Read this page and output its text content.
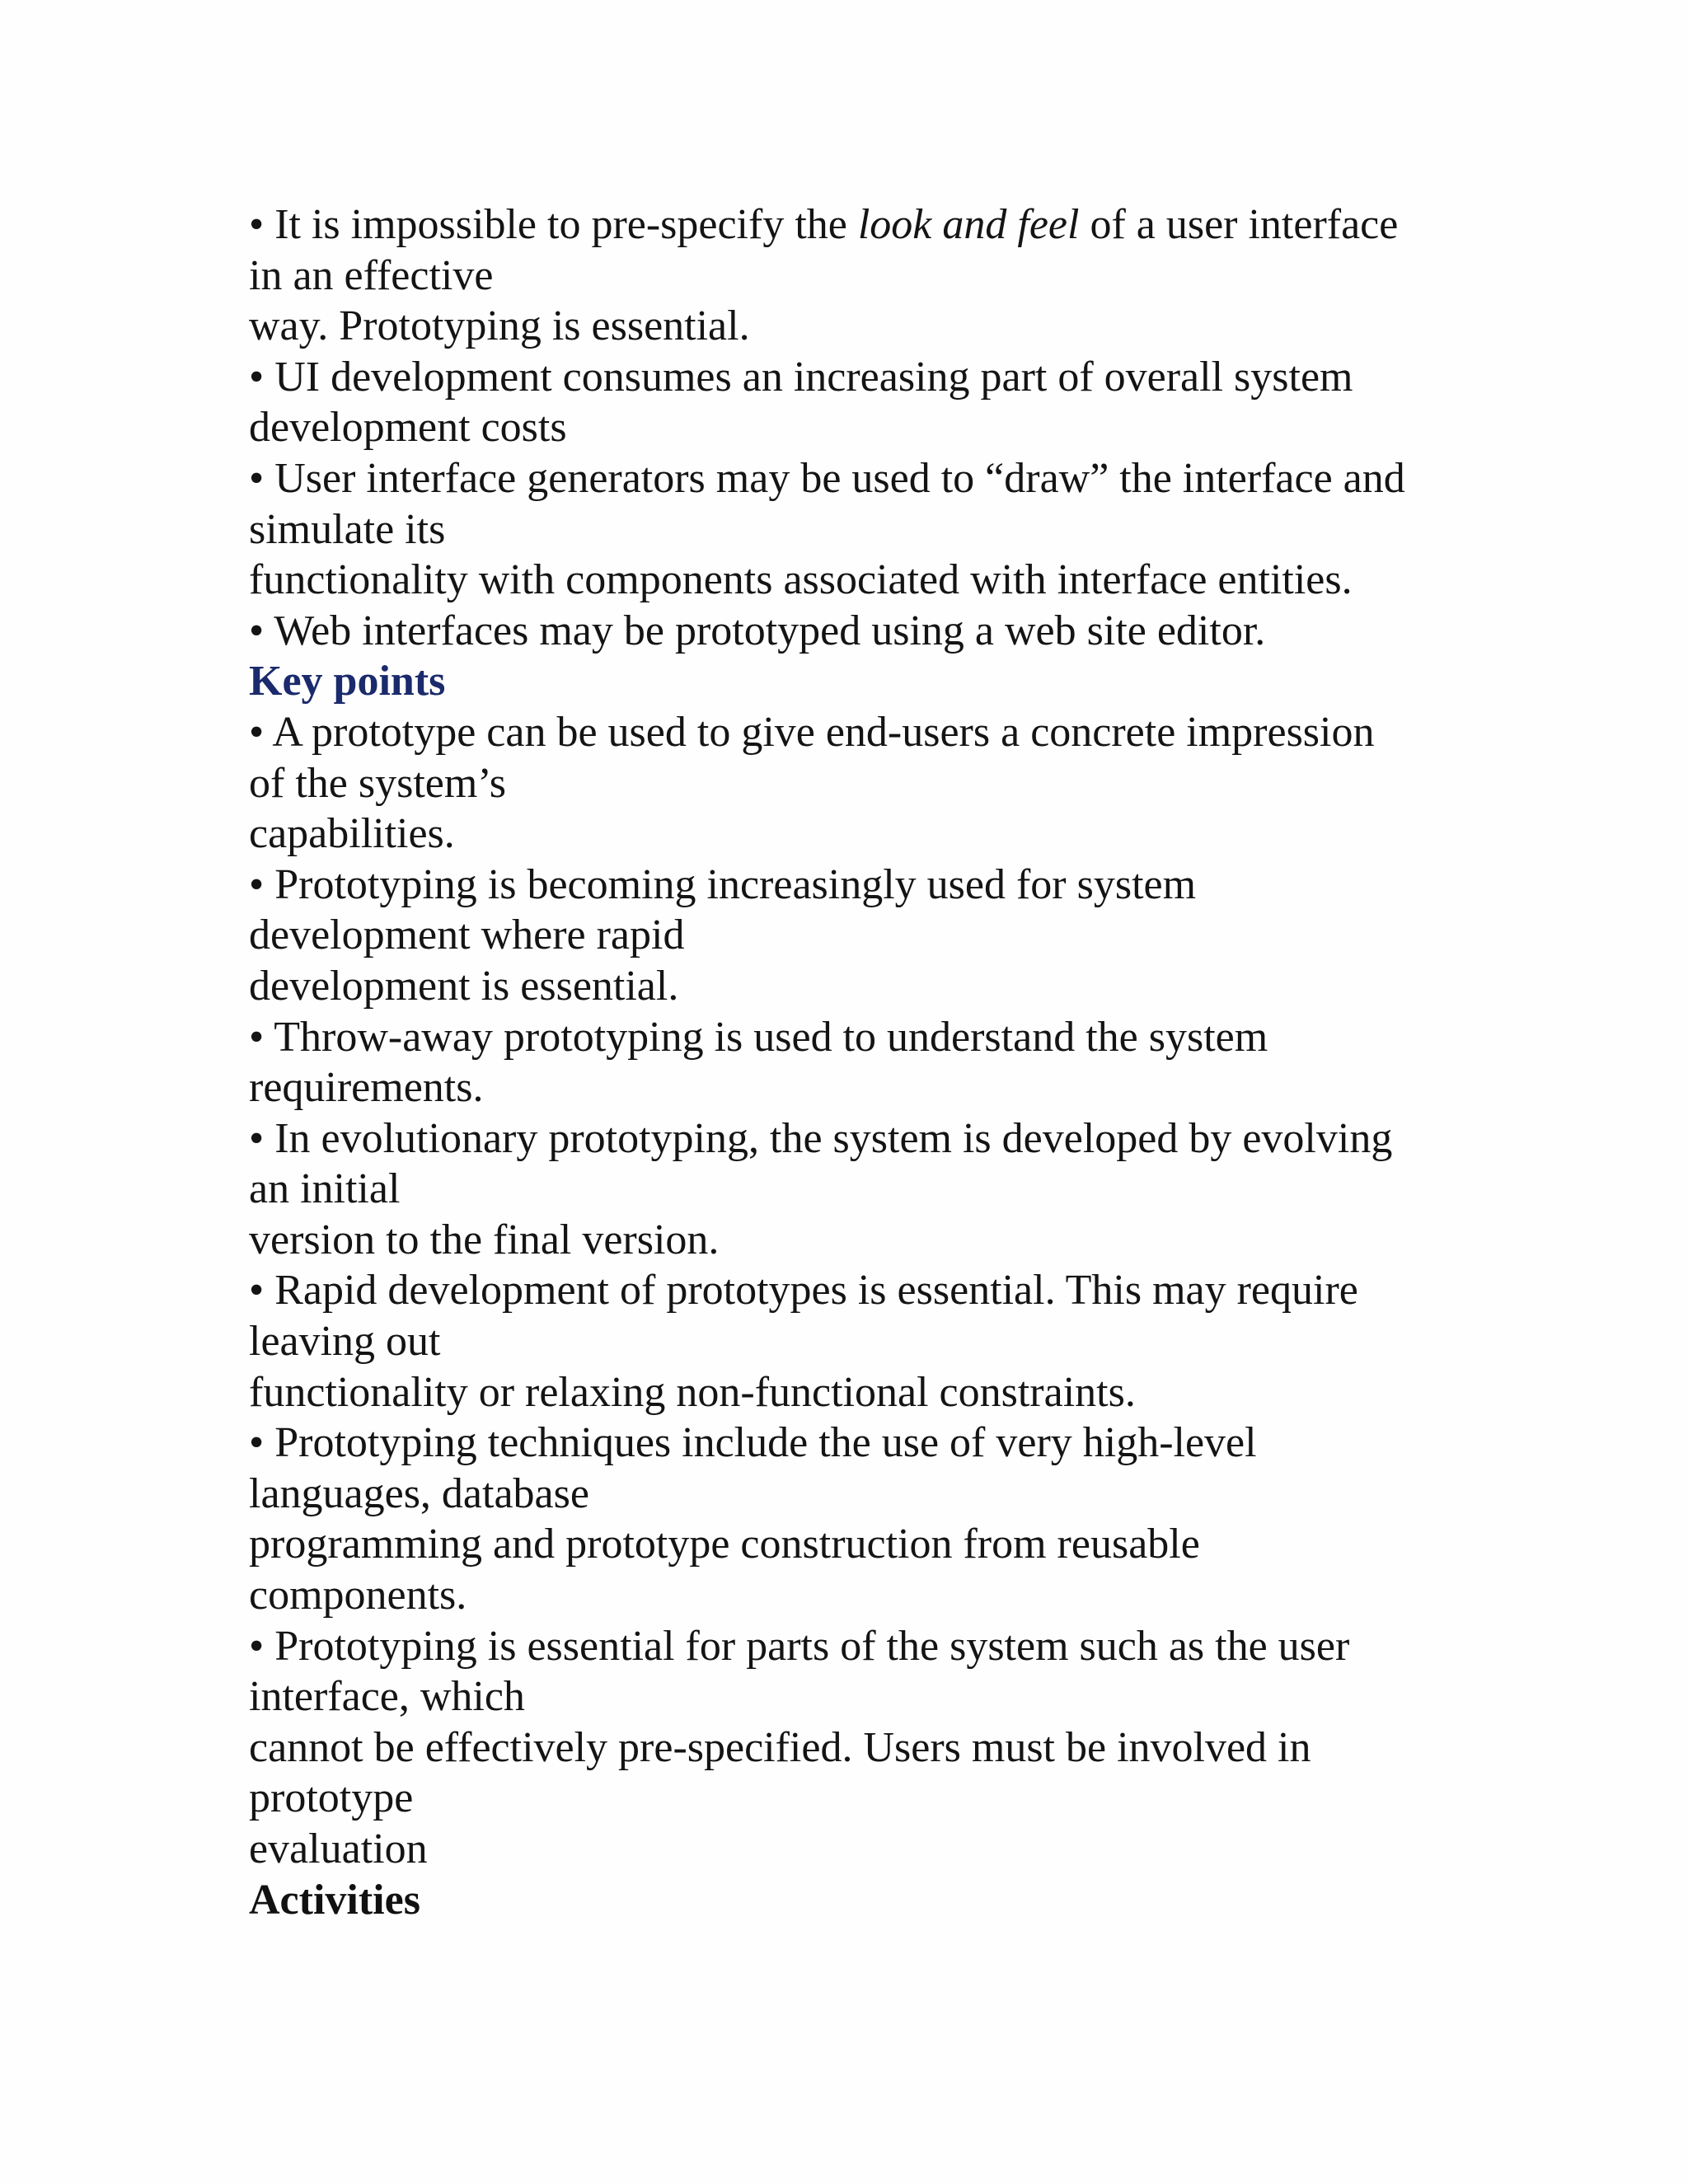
• It is impossible to pre-specify the look and feel of a user interface
in an effective
way. Prototyping is essential.
• UI development consumes an increasing part of overall system
development costs
• User interface generators may be used to “draw” the interface and
simulate its
functionality with components associated with interface entities.
• Web interfaces may be prototyped using a web site editor.
Key points
• A prototype can be used to give end-users a concrete impression
of the system’s
capabilities.
• Prototyping is becoming increasingly used for system
development where rapid
development is essential.
• Throw-away prototyping is used to understand the system
requirements.
• In evolutionary prototyping, the system is developed by evolving
an initial
version to the final version.
• Rapid development of prototypes is essential. This may require
leaving out
functionality or relaxing non-functional constraints.
• Prototyping techniques include the use of very high-level
languages, database
programming and prototype construction from reusable
components.
• Prototyping is essential for parts of the system such as the user
interface, which
cannot be effectively pre-specified. Users must be involved in
prototype
evaluation
Activities
